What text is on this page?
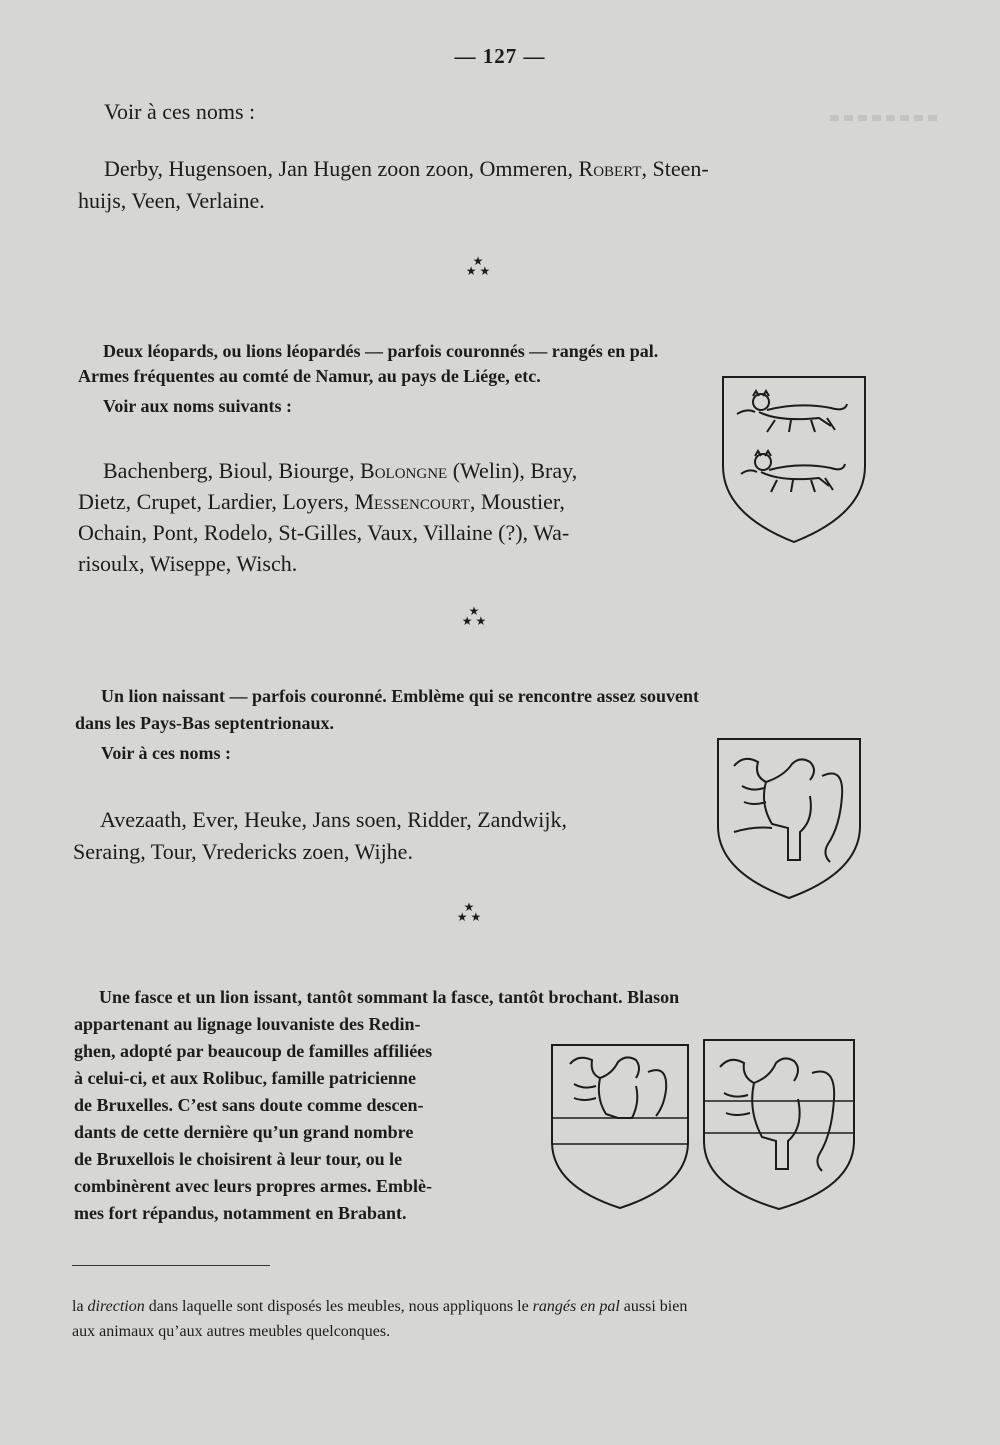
— 127 —

Voir à ces noms :

Derby, Hugensoen, Jan Hugen zoon zoon, Ommeren, Robert, Steen-

huijs, Veen, Verlaine.

★
★ ★

Deux léopards, ou lions léopardés — parfois couronnés — rangés en pal.

Armes fréquentes au comté de Namur, au pays de Liége, etc.

Voir aux noms suivants :

Bachenberg, Bioul, Biourge, Bolongne (Welin), Bray,

Dietz, Crupet, Lardier, Loyers, Messencourt, Moustier,

Ochain, Pont, Rodelo, St-Gilles, Vaux, Villaine (?), Wa-

risoulx, Wiseppe, Wisch.

★
★ ★

Un lion naissant — parfois couronné. Emblème qui se rencontre assez souvent

dans les Pays-Bas septentrionaux.

Voir à ces noms :

Avezaath, Ever, Heuke, Jans soen, Ridder, Zandwijk,

Seraing, Tour, Vredericks zoen, Wijhe.

★
★ ★

Une fasce et un lion issant, tantôt sommant la fasce, tantôt brochant. Blason

appartenant au lignage louvaniste des Redin-

ghen, adopté par beaucoup de familles affiliées

à celui-ci, et aux Rolibuc, famille patricienne

de Bruxelles. C’est sans doute comme descen-

dants de cette dernière qu’un grand nombre

de Bruxellois le choisirent à leur tour, ou le

combinèrent avec leurs propres armes. Emblè-

mes fort répandus, notamment en Brabant.

la direction dans laquelle sont disposés les meubles, nous appliquons le rangés en pal aussi bien

aux animaux qu’aux autres meubles quelconques.
